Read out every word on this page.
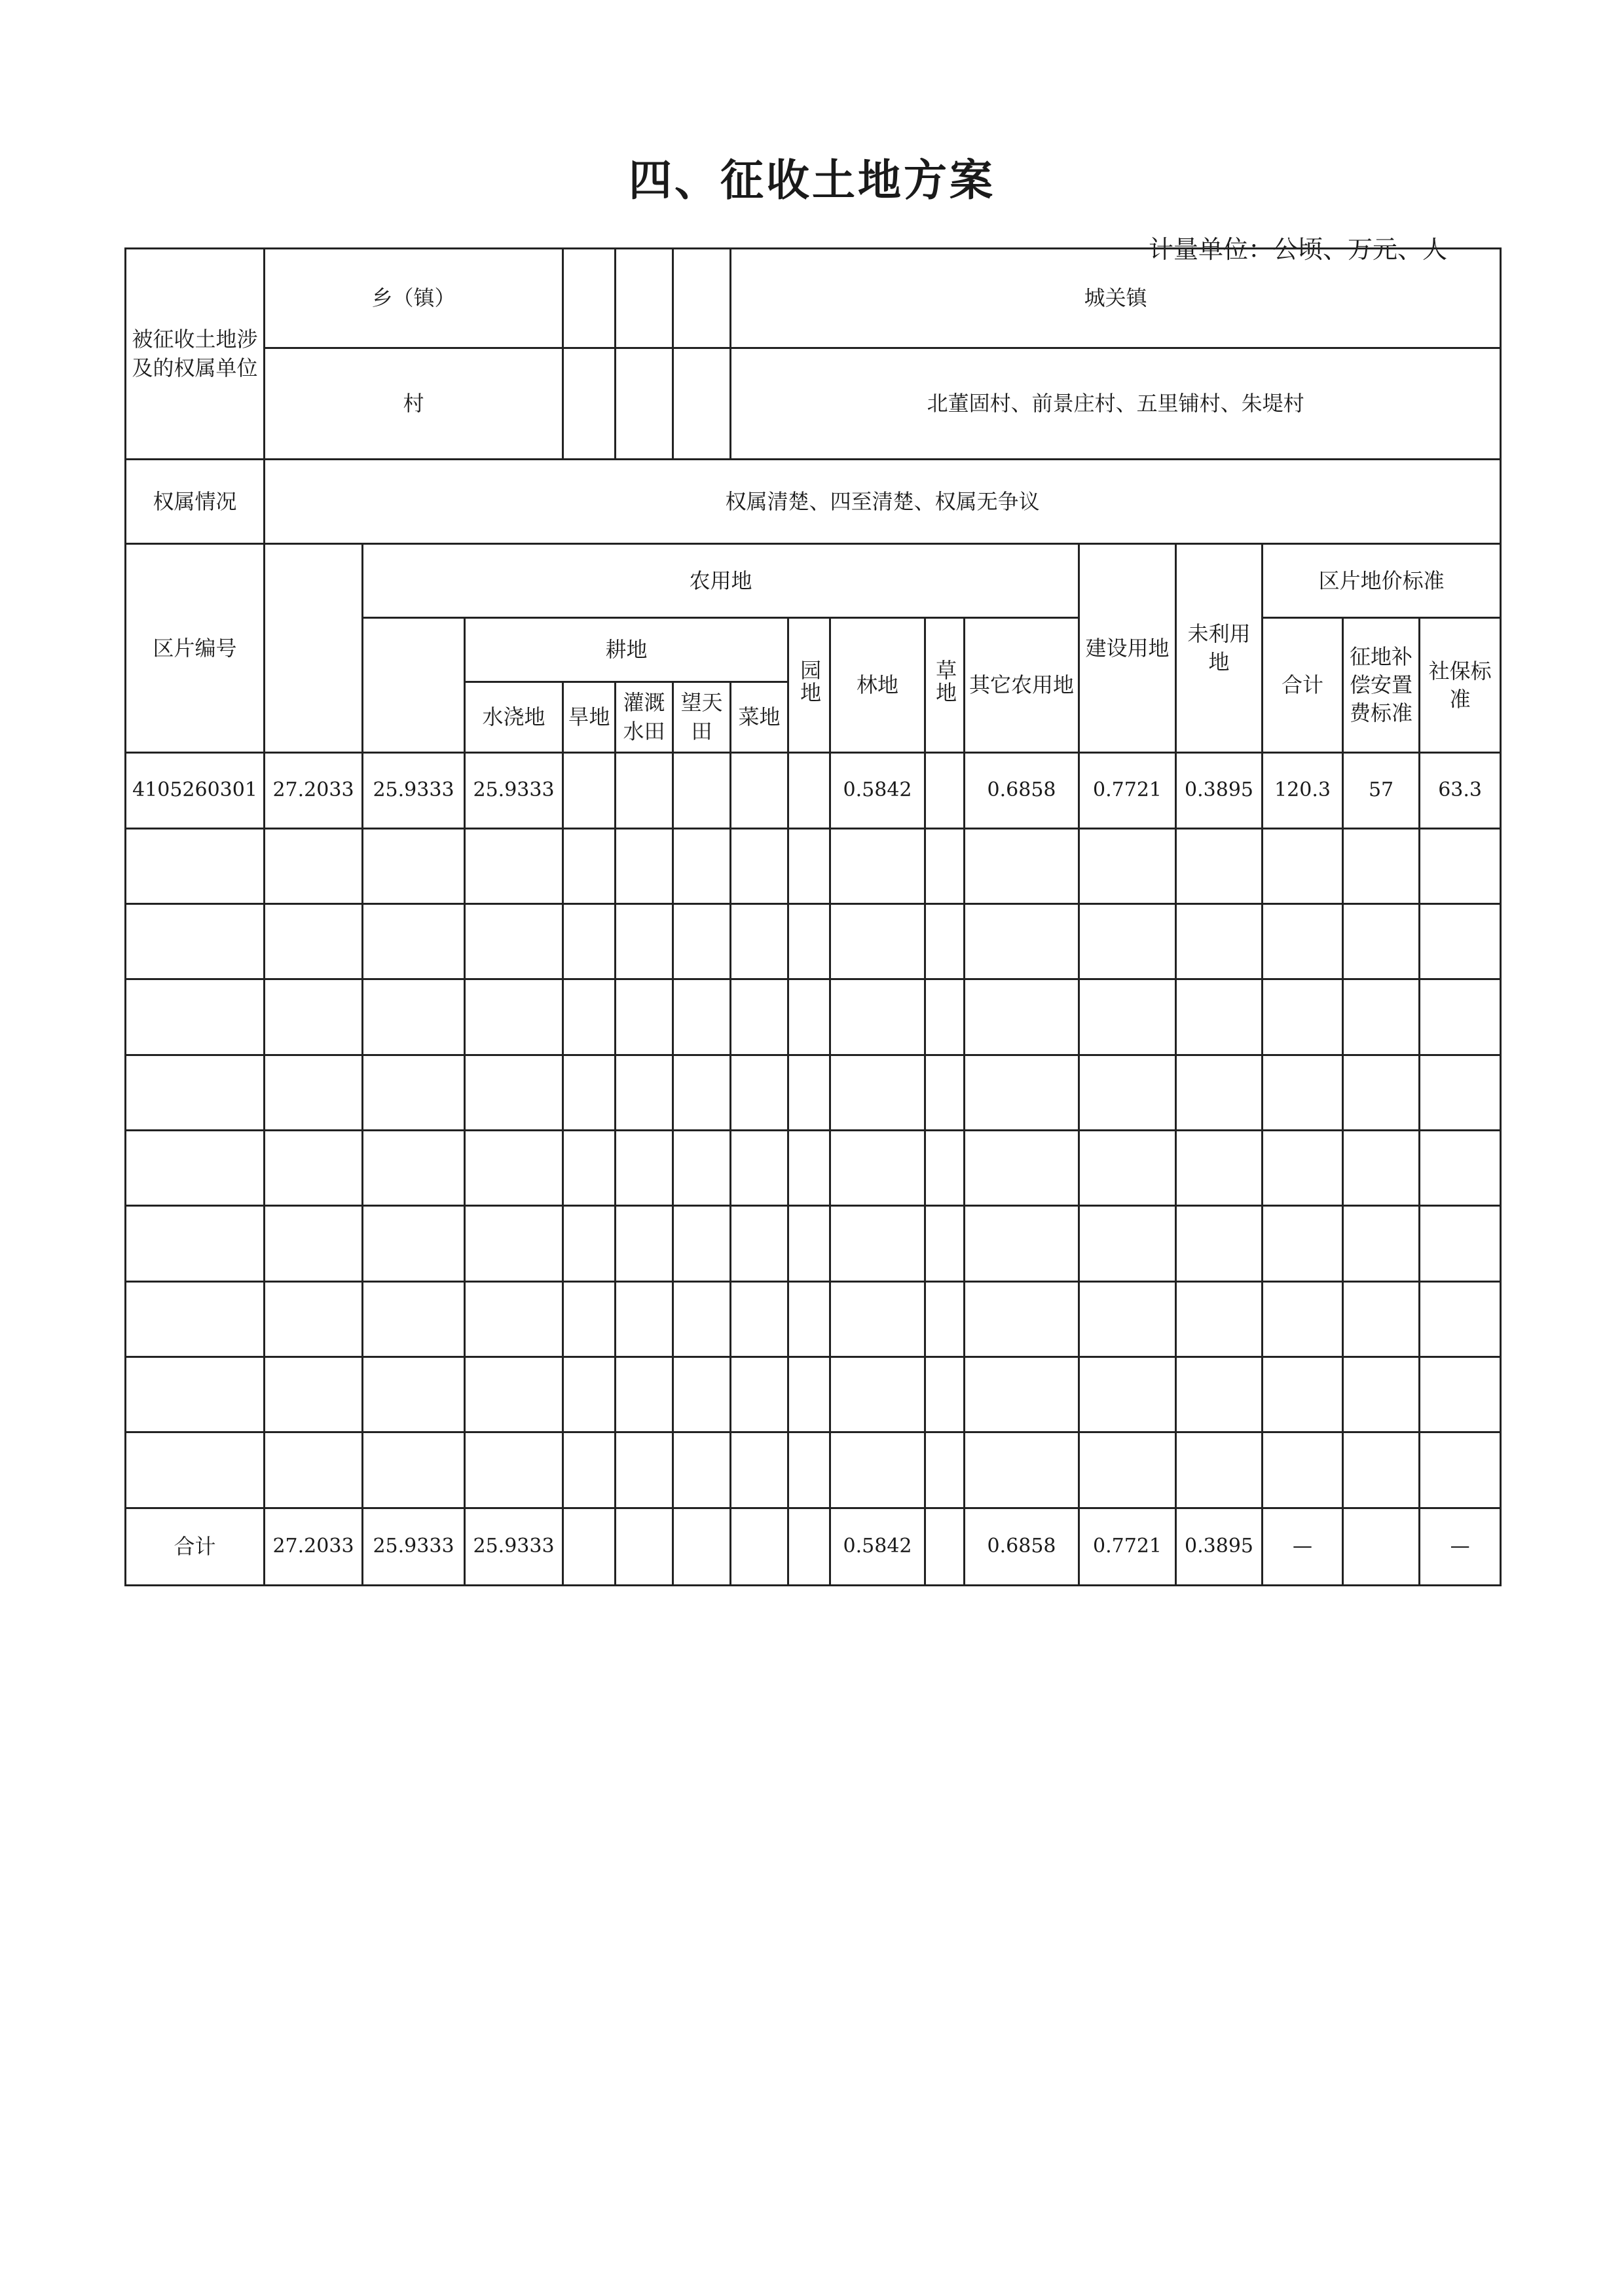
四、征收土地方案
计量单位：公顷、万元、人
被征收土地涉及的权属单位	乡（镇）						城关镇									
	村						北董固村、前景庄村、五里铺村、朱堤村									
权属情况	权属清楚、四至清楚、权属无争议															
区片编号		农用地										建设用地	未利用地	区片地价标准		
			耕地					园地	林地	草地	其它农用地			合计	征地补偿安置费标准	社保标准
			水浇地	旱地	灌溉水田	望天田	菜地									
4105260301	27.2033	25.9333	25.9333						0.5842		0.6858	0.7721	0.3895	120.3	57	63.3

合计	27.2033	25.9333	25.9333						0.5842		0.6858	0.7721	0.3895	—		—
